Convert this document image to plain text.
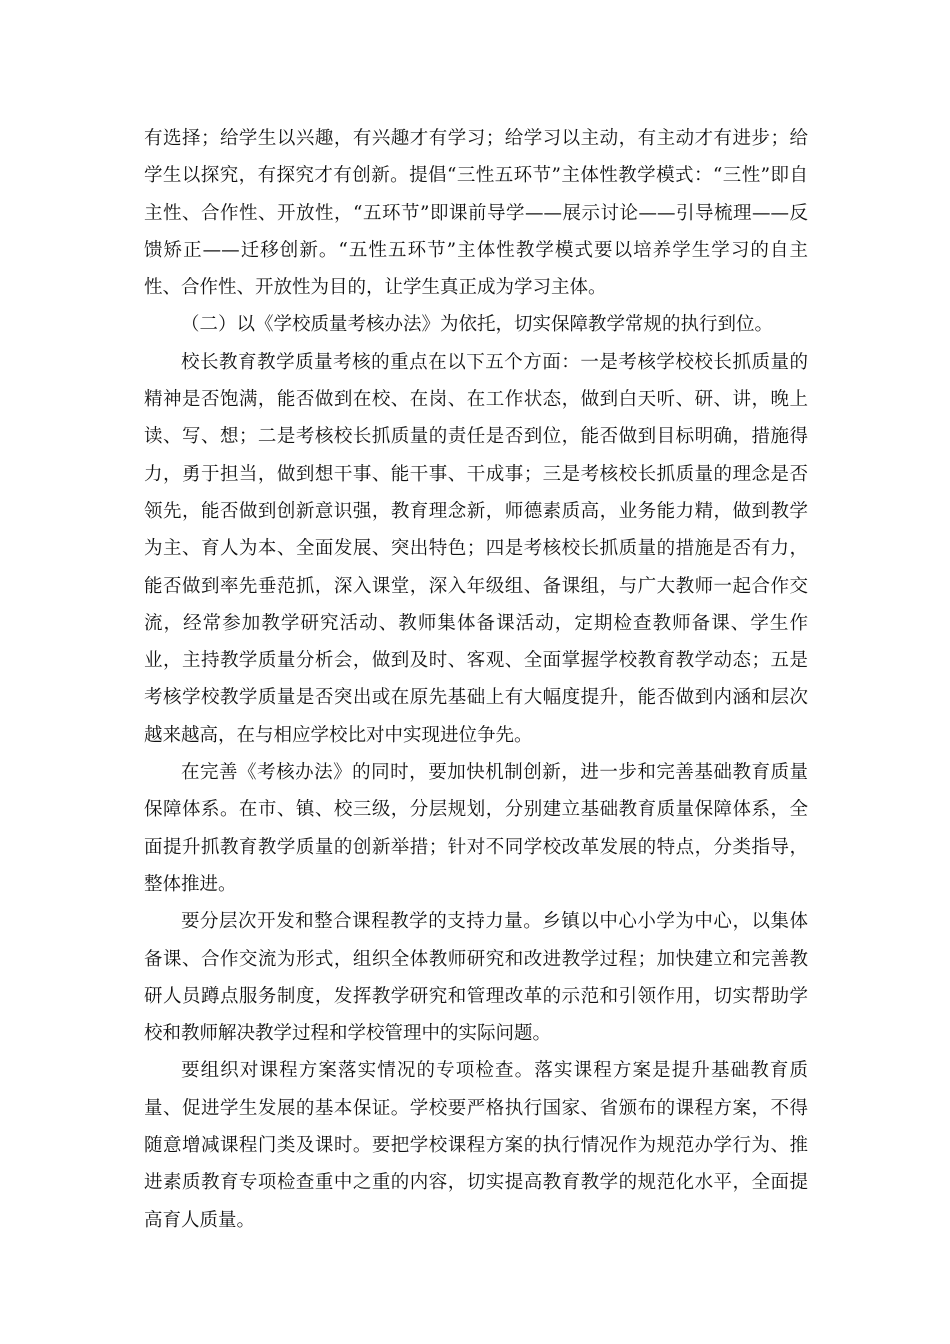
有选择；给学生以兴趣，有兴趣才有学习；给学习以主动，有主动才有进步；给学生以探究，有探究才有创新。提倡“三性五环节”主体性教学模式：“三性”即自主性、合作性、开放性，“五环节”即课前导学——展示讨论——引导梳理——反馈矫正——迁移创新。“五性五环节”主体性教学模式要以培养学生学习的自主性、合作性、开放性为目的，让学生真正成为学习主体。

（二）以《学校质量考核办法》为依托，切实保障教学常规的执行到位。

校长教育教学质量考核的重点在以下五个方面：一是考核学校校长抓质量的精神是否饱满，能否做到在校、在岗、在工作状态，做到白天听、研、讲，晚上读、写、想；二是考核校长抓质量的责任是否到位，能否做到目标明确，措施得力，勇于担当，做到想干事、能干事、干成事；三是考核校长抓质量的理念是否领先，能否做到创新意识强，教育理念新，师德素质高，业务能力精，做到教学为主、育人为本、全面发展、突出特色；四是考核校长抓质量的措施是否有力，能否做到率先垂范抓，深入课堂，深入年级组、备课组，与广大教师一起合作交流，经常参加教学研究活动、教师集体备课活动，定期检查教师备课、学生作业，主持教学质量分析会，做到及时、客观、全面掌握学校教育教学动态；五是考核学校教学质量是否突出或在原先基础上有大幅度提升，能否做到内涵和层次越来越高，在与相应学校比对中实现进位争先。

在完善《考核办法》的同时，要加快机制创新，进一步和完善基础教育质量保障体系。在市、镇、校三级，分层规划，分别建立基础教育质量保障体系，全面提升抓教育教学质量的创新举措；针对不同学校改革发展的特点，分类指导，整体推进。

要分层次开发和整合课程教学的支持力量。乡镇以中心小学为中心，以集体备课、合作交流为形式，组织全体教师研究和改进教学过程；加快建立和完善教研人员蹲点服务制度，发挥教学研究和管理改革的示范和引领作用，切实帮助学校和教师解决教学过程和学校管理中的实际问题。

要组织对课程方案落实情况的专项检查。落实课程方案是提升基础教育质量、促进学生发展的基本保证。学校要严格执行国家、省颁布的课程方案，不得随意增减课程门类及课时。要把学校课程方案的执行情况作为规范办学行为、推进素质教育专项检查重中之重的内容，切实提高教育教学的规范化水平，全面提高育人质量。
